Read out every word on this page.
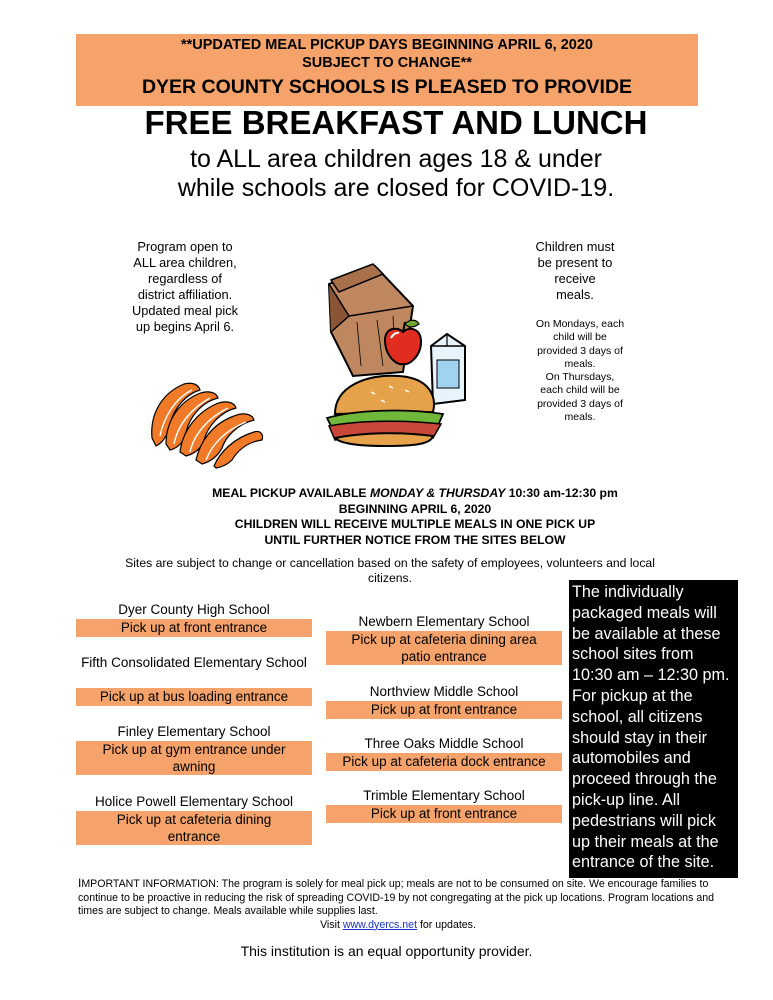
**UPDATED MEAL PICKUP DAYS BEGINNING APRIL 6, 2020
SUBJECT TO CHANGE**
DYER COUNTY SCHOOLS IS PLEASED TO PROVIDE
FREE BREAKFAST AND LUNCH
to ALL area children ages 18 & under
while schools are closed for COVID-19.
Program open to
ALL area children,
regardless of
district affiliation.
Updated meal pick
up begins April 6.
Children must
be present to
receive
meals.
On Mondays, each
child will be
provided 3 days of
meals.
On Thursdays,
each child will be
provided 3 days of
meals.
MEAL PICKUP AVAILABLE MONDAY & THURSDAY 10:30 am-12:30 pm
BEGINNING APRIL 6, 2020
CHILDREN WILL RECEIVE MULTIPLE MEALS IN ONE PICK UP
UNTIL FURTHER NOTICE FROM THE SITES BELOW
Sites are subject to change or cancellation based on the safety of employees, volunteers and local
citizens.
Dyer County High School
Pick up at front entrance
Fifth Consolidated Elementary School
Pick up at bus loading entrance
Finley Elementary School
Pick up at gym entrance under awning
Holice Powell Elementary School
Pick up at cafeteria dining entrance
Newbern Elementary School
Pick up at cafeteria dining area patio entrance
Northview Middle School
Pick up at front entrance
Three Oaks Middle School
Pick up at cafeteria dock entrance
Trimble Elementary School
Pick up at front entrance
The individually packaged meals will be available at these school sites from 10:30 am – 12:30 pm. For pickup at the school, all citizens should stay in their automobiles and proceed through the pick-up line. All pedestrians will pick up their meals at the entrance of the site.
IMPORTANT INFORMATION: The program is solely for meal pick up; meals are not to be consumed on site. We encourage families to continue to be proactive in reducing the risk of spreading COVID-19 by not congregating at the pick up locations. Program locations and times are subject to change. Meals available while supplies last.
Visit www.dyercs.net for updates.
This institution is an equal opportunity provider.
